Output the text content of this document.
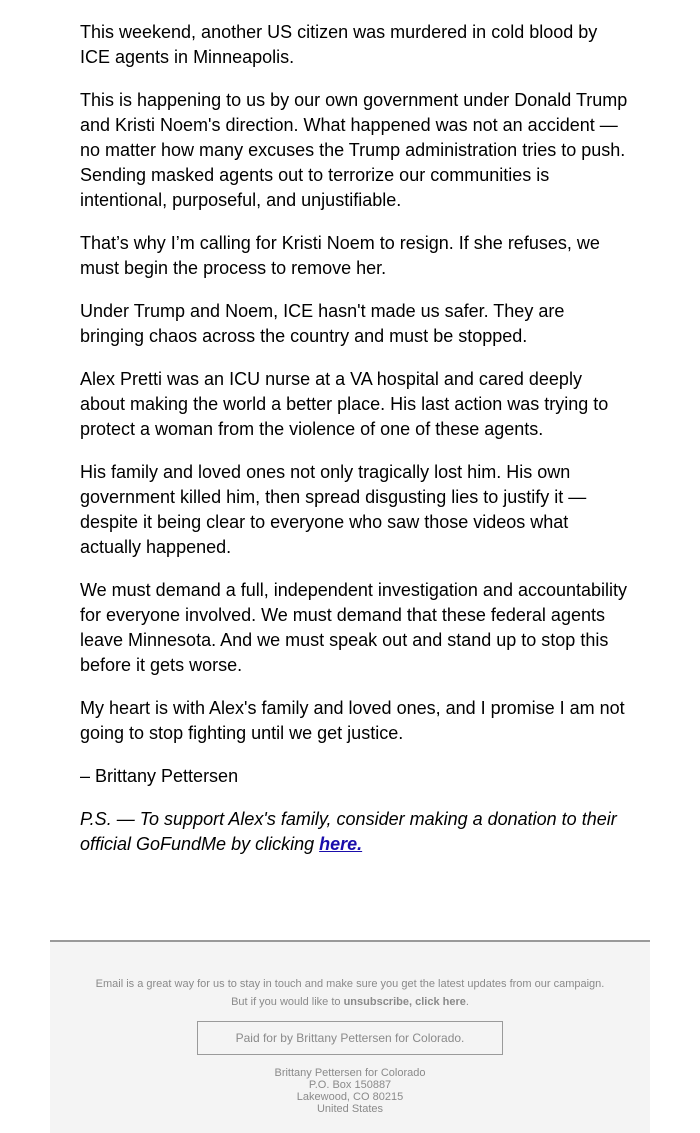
This weekend, another US citizen was murdered in cold blood by ICE agents in Minneapolis.

This is happening to us by our own government under Donald Trump and Kristi Noem's direction. What happened was not an accident — no matter how many excuses the Trump administration tries to push. Sending masked agents out to terrorize our communities is intentional, purposeful, and unjustifiable.

That’s why I’m calling for Kristi Noem to resign. If she refuses, we must begin the process to remove her.

Under Trump and Noem, ICE hasn't made us safer. They are bringing chaos across the country and must be stopped.

Alex Pretti was an ICU nurse at a VA hospital and cared deeply about making the world a better place. His last action was trying to protect a woman from the violence of one of these agents.

His family and loved ones not only tragically lost him. His own government killed him, then spread disgusting lies to justify it — despite it being clear to everyone who saw those videos what actually happened.

We must demand a full, independent investigation and accountability for everyone involved. We must demand that these federal agents leave Minnesota. And we must speak out and stand up to stop this before it gets worse.

My heart is with Alex's family and loved ones, and I promise I am not going to stop fighting until we get justice.

– Brittany Pettersen

P.S. — To support Alex's family, consider making a donation to their official GoFundMe by clicking here.

Email is a great way for us to stay in touch and make sure you get the latest updates from our campaign.
But if you would like to unsubscribe, click here.
Paid for by Brittany Pettersen for Colorado.
Brittany Pettersen for Colorado
P.O. Box 150887
Lakewood, CO 80215
United States
